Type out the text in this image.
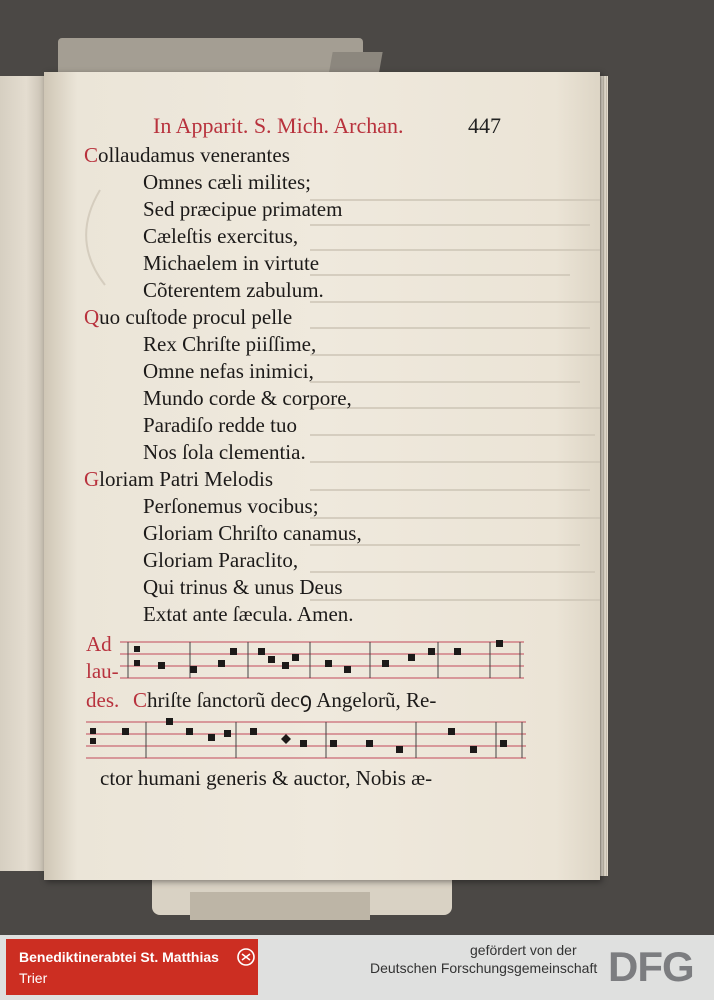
In Apparit. S. Mich. Archan.	447
Collaudamus venerantes
Omnes cæli milites;
Sed præcipue primatem
Cæleſtis exercitus,
Michaelem in virtute
Cõterentem zabulum.
Quo cuſtode procul pelle
Rex Chriſte piiſſime,
Omne nefas inimici,
Mundo corde & corpore,
Paradiſo redde tuo
Nos ſola clementia.
Gloriam Patri Melodis
Perſonemus vocibus;
Gloriam Chriſto canamus,
Gloriam Paraclito,
Qui trinus & unus Deus
Extat ante ſæcula. Amen.
Ad
lau-
des. Chriſte ſanctorũ decꝯ Angelorũ, Re-
ctor humani generis & auctor, Nobis æ-
Benediktinerabtei St. Matthias
Trier
gefördert von der
Deutschen Forschungsgemeinschaft DFG
